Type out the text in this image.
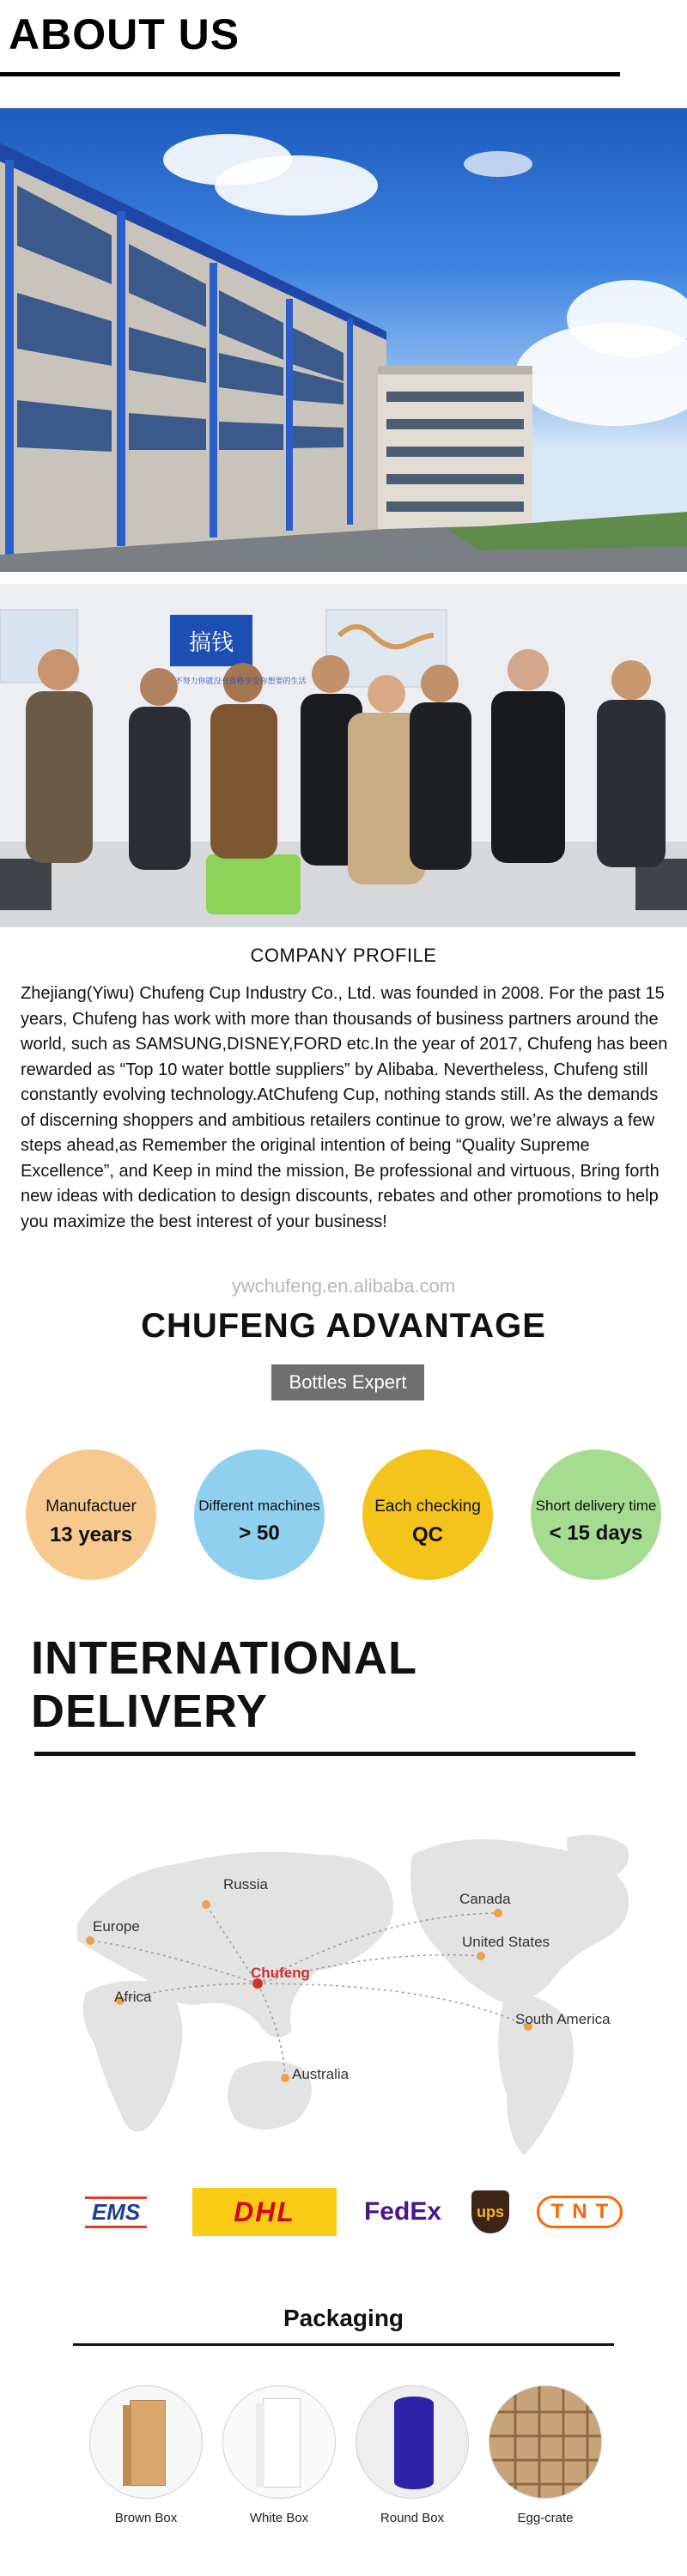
ABOUT US
搞钱
不努力你就没有资格享受你想要的生活
COMPANY PROFILE
Zhejiang(Yiwu) Chufeng Cup Industry Co., Ltd. was founded in 2008. For the past 15 years, Chufeng has work with more than thousands of business partners around the world, such as SAMSUNG,DISNEY,FORD etc.In the year of 2017, Chufeng has been rewarded as “Top 10 water bottle suppliers” by Alibaba. Nevertheless, Chufeng still constantly evolving technology.AtChufeng Cup, nothing stands still. As the demands of discerning shoppers and ambitious retailers continue to grow, we’re always a few steps ahead,as Remember the original intention of being “Quality Supreme Excellence”, and Keep in mind the mission, Be professional and virtuous, Bring forth new ideas with dedication to design discounts, rebates and other promotions to help you maximize the best interest of your business!
ywchufeng.en.alibaba.com
CHUFENG ADVANTAGE
Bottles Expert
Manufactuer
13 years
Different machines
> 50
Each checking
QC
Short delivery time
< 15 days
INTERNATIONAL
DELIVERY
Russia
Canada
Europe
United States
Africa
South America
Australia
Chufeng
EMS	DHL	FedEx	ups	TNT
Packaging
Brown Box	White Box	Round Box	Egg-crate
